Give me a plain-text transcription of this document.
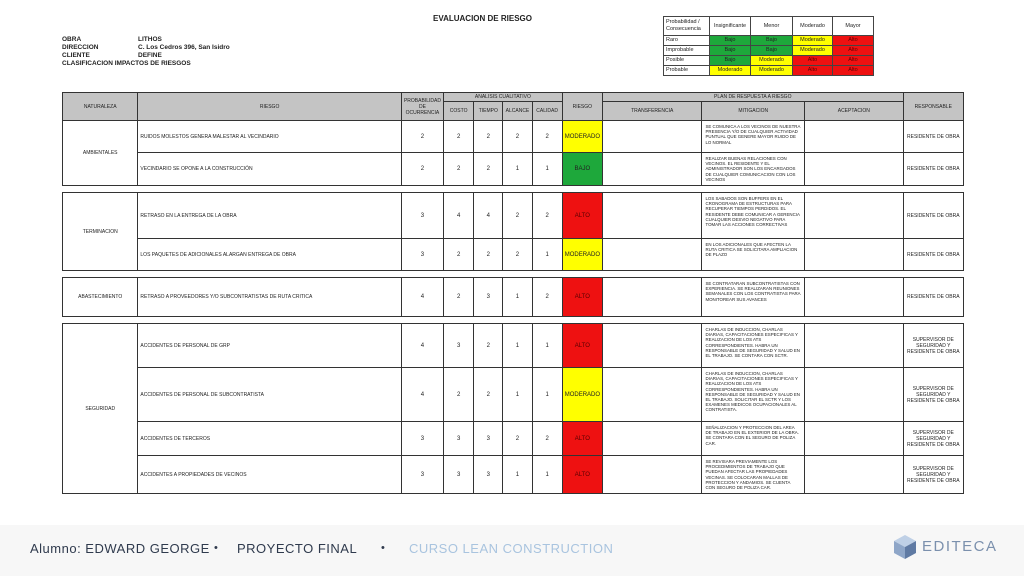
EVALUACION DE RIESGO
OBRA	LITHOS
DIRECCION	C. Los Cedros 396, San Isidro
CLIENTE	DEFINE
CLASIFICACION IMPACTOS DE RIESGOS
Probabilidad / Consecuencia	Insignificante	Menor	Moderado	Mayor
Raro	Bajo	Bajo	Moderado	Alto
Improbable	Bajo	Bajo	Moderado	Alto
Posible	Bajo	Moderado	Alto	Alto
Probable	Moderado	Moderado	Alto	Alto
NATURALEZA	RIESGO	PROBABILIDAD DE OCURRENCIA	ANALISIS CUALITATIVO				RIESGO	PLAN DE RESPUESTA A RIESGO			RESPONSABLE
			COSTO	TIEMPO	ALCANCE	CALIDAD		TRANSFERENCIA	MITIGACION	ACEPTACION	
AMBIENTALES	RUIDOS MOLESTOS GENERA MALESTAR AL VECINDARIO	2	2	2	2	2	MODERADO		SE COMUNICA A LOS VECINOS DE NUESTRA PRESENCIA Y/O DE CUALQUIER ACTIVIDAD PUNTUAL QUE GENERE MAYOR RUIDO DE LO NORMAL		RESIDENTE DE OBRA
	VECINDARIO SE OPONE A LA CONSTRUCCIÓN	2	2	2	1	1	BAJO		REALIZAR BUENAS RELACIONES CON VECINOS. EL RESIDENTE Y EL ADMINISTRADOR SON LOS ENCARGADOS DE CUALQUIER COMUNICACION CON LOS VECINOS		RESIDENTE DE OBRA

TERMINACION	RETRASO EN LA ENTREGA DE LA OBRA	3	4	4	2	2	ALTO		LOS SABADOS SON BUFFERS EN EL CRONOGRAMA DE ESTRUCTURAS PARA RECUPERAR TIEMPOS PERDIDOS. EL RESIDENTE DEBE COMUNICAR A GERENCIA CUALQUIER DESVIO NEGATIVO PARA TOMAR LAS ACCIONES CORRECTIVAS		RESIDENTE DE OBRA
	LOS PAQUETES DE ADICIONALES ALARGAN ENTREGA DE OBRA	3	2	2	2	1	MODERADO		EN LOS ADICIONALES QUE AFECTEN LA RUTA CRITICA SE SOLICITARA AMPLIACION DE PLAZO		RESIDENTE DE OBRA

ABASTECIMIENTO	RETRASO A PROVEEDORES Y/O SUBCONTRATISTAS DE RUTA CRITICA	4	2	3	1	2	ALTO		SE CONTRATARAN SUBCONTRATISTAS CON EXPERIENCIA. SE REALIZARAN REUNIONES SEMANALES CON LOS CONTRATISTAS PARA MONITOREAR SUS AVANCES		RESIDENTE DE OBRA

SEGURIDAD	ACCIDENTES DE PERSONAL DE GRP	4	3	2	1	1	ALTO		CHARLAS DE INDUCCION, CHARLAS DIARIAS, CAPACITACIONES ESPECIFICAS Y REALIZACION DE LOS ATS CORRESPONDIENTES. HABRA UN RESPONSABLE DE SEGURIDAD Y SALUD EN EL TRABAJO. SE CONTARA CON SCTR.		SUPERVISOR DE SEGURIDAD Y RESIDENTE DE OBRA
	ACCIDENTES DE PERSONAL DE SUBCONTRATISTA	4	2	2	1	1	MODERADO		CHARLAS DE INDUCCION, CHARLAS DIARIAS, CAPACITACIONES ESPECIFICAS Y REALIZACION DE LOS ATS CORRESPONDIENTES. HABRA UN RESPONSABLE DE SEGURIDAD Y SALUD EN EL TRABAJO. SOLICITAR EL SCTR Y LOS EXAMENES MEDICOS OCUPACIONALES AL CONTRATISTA.		SUPERVISOR DE SEGURIDAD Y RESIDENTE DE OBRA
	ACCIDENTES DE TERCEROS	3	3	3	2	2	ALTO		SEÑALIZACION Y PROTECCION DEL AREA DE TRABAJO EN EL EXTERIOR DE LA OBRA. SE CONTARA CON EL SEGURO DE POLIZA CAR.		SUPERVISOR DE SEGURIDAD Y RESIDENTE DE OBRA
	ACCIDENTES A PROPIEDADES DE VECINOS	3	3	3	1	1	ALTO		SE REVISARA PREVIAMENTE LOS PROCEDIMIENTOS DE TRABAJO QUE PUEDAN AFECTAR LAS PROPIEDADES VECINAS. SE COLOCARAN MALLAS DE PROTECCION Y ANDAMIOS. SE CUENTA CON SEGURO DE POLIZA CAR.		SUPERVISOR DE SEGURIDAD Y RESIDENTE DE OBRA
Alumno: EDWARD GEORGE • PROYECTO FINAL • CURSO LEAN CONSTRUCTION	EDITECA
